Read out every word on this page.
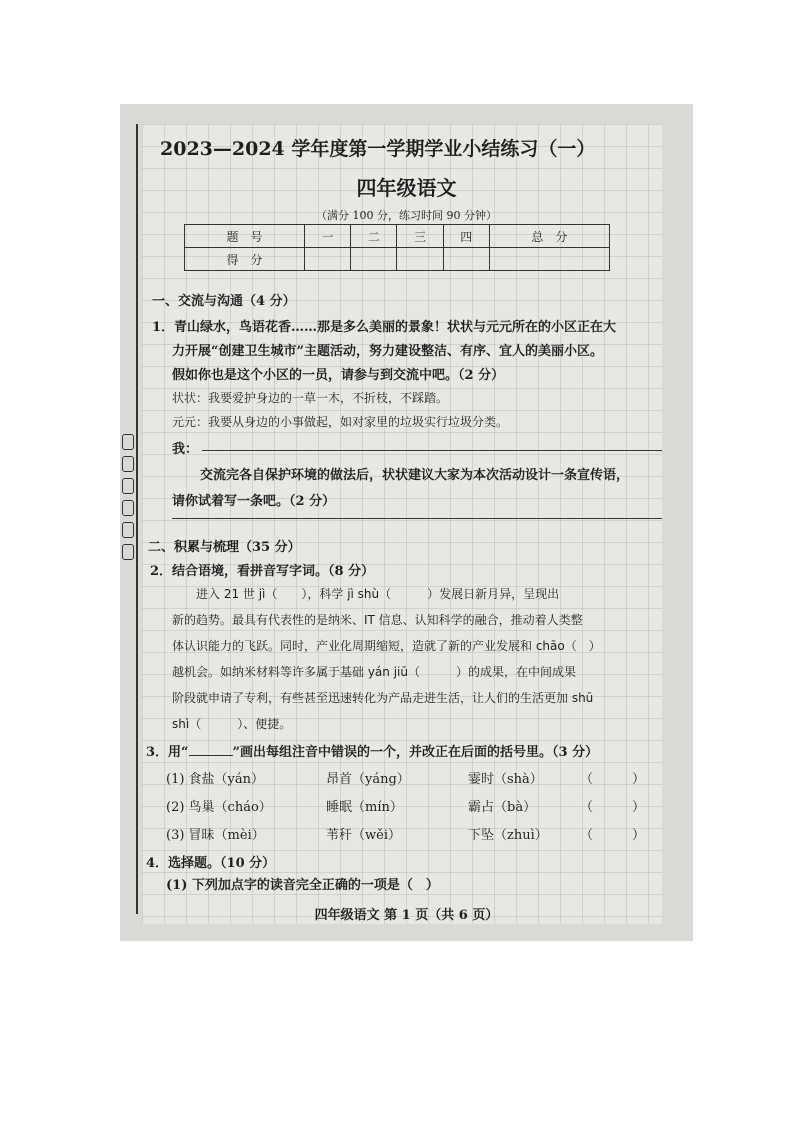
2023—2024 学年度第一学期学业小结练习（一）
四年级语文
（满分 100 分，练习时间 90 分钟）
题　号	一	二	三	四	总　分
得　分					
一、交流与沟通（4 分）
1．青山绿水，鸟语花香……那是多么美丽的景象！状状与元元所在的小区正在大
力开展“创建卫生城市”主题活动，努力建设整洁、有序、宜人的美丽小区。
假如你也是这个小区的一员，请参与到交流中吧。（2 分）
状状：我要爱护身边的一草一木，不折枝，不踩踏。
元元：我要从身边的小事做起，如对家里的垃圾实行垃圾分类。
我：
交流完各自保护环境的做法后，状状建议大家为本次活动设计一条宣传语，
请你试着写一条吧。（2 分）
二、积累与梳理（35 分）
2．结合语境，看拼音写字词。（8 分）
进入 21 世 jì（　　），科学 jì shù（　　　）发展日新月异，呈现出
新的趋势。最具有代表性的是纳米、IT 信息、认知科学的融合，推动着人类整
体认识能力的飞跃。同时，产业化周期缩短，造就了新的产业发展和 chāo（　）
越机会。如纳米材料等许多属于基础 yán jiū（　　　）的成果，在中间成果
阶段就申请了专利，有些甚至迅速转化为产品走进生活，让人们的生活更加 shū
shì（　　　）、便捷。
3．用“	”画出每组注音中错误的一个，并改正在后面的括号里。（3 分）
(1) 食盐（yán）	昂首（yáng）	霎时（shà）	（　　　）
(2) 鸟巢（cháo）	睡眠（mín）	霸占（bà）	（　　　）
(3) 冒昧（mèi）	苇秆（wěi）	下坠（zhuì） （　　　）
4．选择题。（10 分）
(1) 下列加点字的读音完全正确的一项是（　）
四年级语文 第 1 页（共 6 页）
